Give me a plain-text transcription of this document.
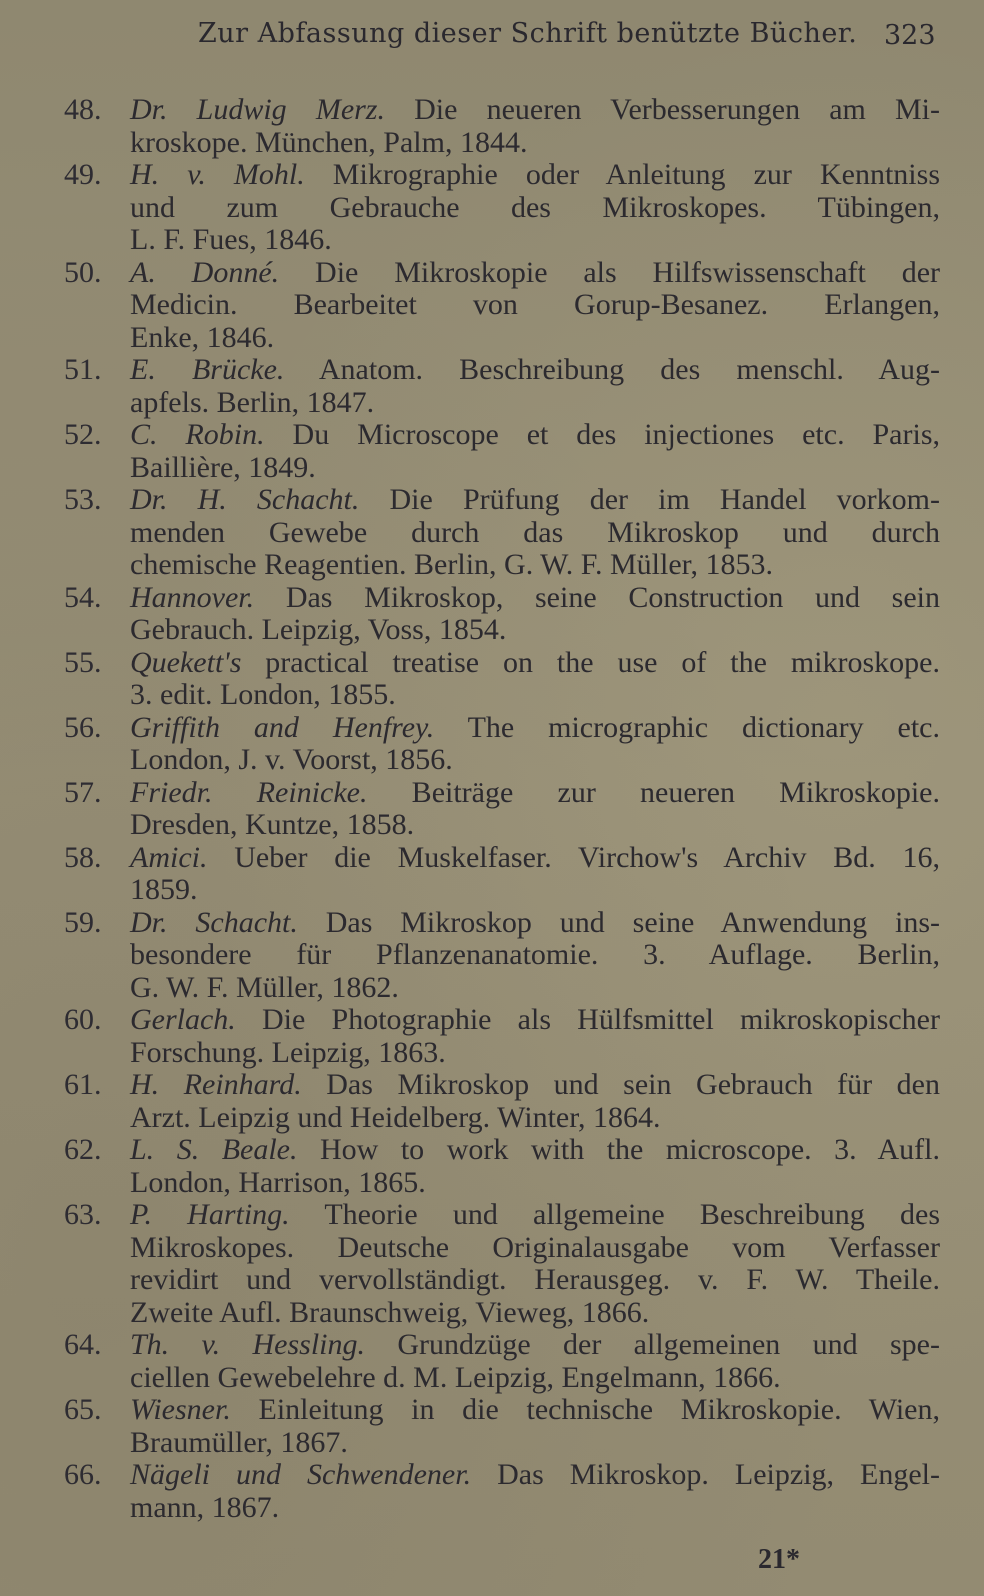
Zur Abfassung dieser Schrift benützte Bücher. 323
48. Dr. Ludwig Merz. Die neueren Verbesserungen am Mi-
kroskope. München, Palm, 1844.
49. H. v. Mohl. Mikrographie oder Anleitung zur Kenntniss
und zum Gebrauche des Mikroskopes. Tübingen,
L. F. Fues, 1846.
50. A. Donné. Die Mikroskopie als Hilfswissenschaft der
Medicin. Bearbeitet von Gorup-Besanez. Erlangen,
Enke, 1846.
51. E. Brücke. Anatom. Beschreibung des menschl. Aug-
apfels. Berlin, 1847.
52. C. Robin. Du Microscope et des injectiones etc. Paris,
Baillière, 1849.
53. Dr. H. Schacht. Die Prüfung der im Handel vorkom-
menden Gewebe durch das Mikroskop und durch
chemische Reagentien. Berlin, G. W. F. Müller, 1853.
54. Hannover. Das Mikroskop, seine Construction und sein
Gebrauch. Leipzig, Voss, 1854.
55. Quekett's practical treatise on the use of the mikroskope.
3. edit. London, 1855.
56. Griffith and Henfrey. The micrographic dictionary etc.
London, J. v. Voorst, 1856.
57. Friedr. Reinicke. Beiträge zur neueren Mikroskopie.
Dresden, Kuntze, 1858.
58. Amici. Ueber die Muskelfaser. Virchow's Archiv Bd. 16,
1859.
59. Dr. Schacht. Das Mikroskop und seine Anwendung ins-
besondere für Pflanzenanatomie. 3. Auflage. Berlin,
G. W. F. Müller, 1862.
60. Gerlach. Die Photographie als Hülfsmittel mikroskopischer
Forschung. Leipzig, 1863.
61. H. Reinhard. Das Mikroskop und sein Gebrauch für den
Arzt. Leipzig und Heidelberg. Winter, 1864.
62. L. S. Beale. How to work with the microscope. 3. Aufl.
London, Harrison, 1865.
63. P. Harting. Theorie und allgemeine Beschreibung des
Mikroskopes. Deutsche Originalausgabe vom Verfasser
revidirt und vervollständigt. Herausgeg. v. F. W. Theile.
Zweite Aufl. Braunschweig, Vieweg, 1866.
64. Th. v. Hessling. Grundzüge der allgemeinen und spe-
ciellen Gewebelehre d. M. Leipzig, Engelmann, 1866.
65. Wiesner. Einleitung in die technische Mikroskopie. Wien,
Braumüller, 1867.
66. Nägeli und Schwendener. Das Mikroskop. Leipzig, Engel-
mann, 1867.
21*
